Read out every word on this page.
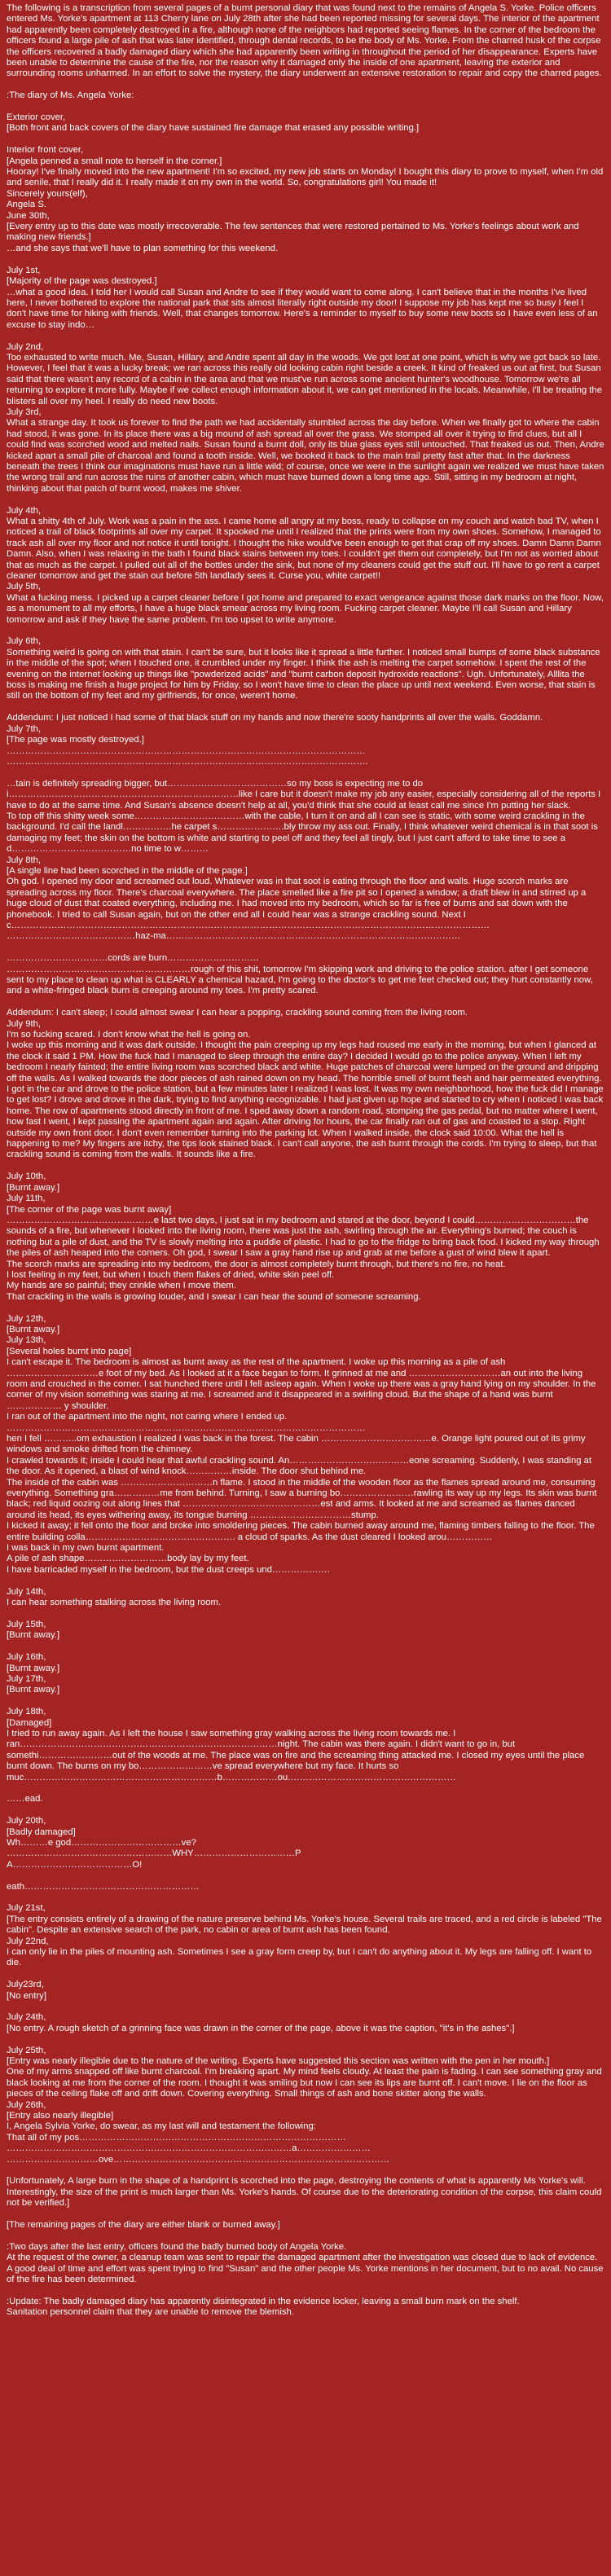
The following is a transcription from several pages of a burnt personal diary that was found next to the remains of Angela S. Yorke. Police officers entered Ms. Yorke's apartment at 113 Cherry lane on July 28th after she had been reported missing for several days. The interior of the apartment had apparently been completely destroyed in a fire, although none of the neighbors had reported seeing flames. In the corner of the bedroom the officers found a large pile of ash that was later identified, through dental records, to be the body of Ms. Yorke. From the charred husk of the corpse the officers recovered a badly damaged diary which she had apparently been writing in throughout the period of her disappearance. Experts have been unable to determine the cause of the fire, nor the reason why it damaged only the inside of one apartment, leaving the exterior and surrounding rooms unharmed. In an effort to solve the mystery, the diary underwent an extensive restoration to repair and copy the charred pages.
:The diary of Ms. Angela Yorke:
Exterior cover,
[Both front and back covers of the diary have sustained fire damage that erased any possible writing.]
Interior front cover,
[Angela penned a small note to herself in the corner.]
Hooray! I've finally moved into the new apartment! I'm so excited, my new job starts on Monday! I bought this diary to prove to myself, when I'm old and senile, that I really did it. I really made it on my own in the world. So, congratulations girl! You made it!
Sincerely yours(elf),
Angela S.
June 30th,
[Every entry up to this date was mostly irrecoverable. The few sentences that were restored pertained to Ms. Yorke's feelings about work and making new friends.]
…and she says that we'll have to plan something for this weekend.
July 1st,
[Majority of the page was destroyed.]
…what a good idea. I told her I would call Susan and Andre to see if they would want to come along. I can't believe that in the months I've lived here, I never bothered to explore the national park that sits almost literally right outside my door! I suppose my job has kept me so busy I feel I don't have time for hiking with friends. Well, that changes tomorrow. Here's a reminder to myself to buy some new boots so I have even less of an excuse to stay indo…
July 2nd,
Too exhausted to write much. Me, Susan, Hillary, and Andre spent all day in the woods. We got lost at one point, which is why we got back so late. However, I feel that it was a lucky break; we ran across this really old looking cabin right beside a creek. It kind of freaked us out at first, but Susan said that there wasn't any record of a cabin in the area and that we must've run across some ancient hunter's woodhouse. Tomorrow we're all returning to explore it more fully. Maybe if we collect enough information about it, we can get mentioned in the locals. Meanwhile, I'll be treating the blisters all over my heel. I really do need new boots.
July 3rd,
What a strange day. It took us forever to find the path we had accidentally stumbled across the day before. When we finally got to where the cabin had stood, it was gone. In its place there was a big mound of ash spread all over the grass. We stomped all over it trying to find clues, but all I could find was scorched wood and melted nails. Susan found a burnt doll, only its blue glass eyes still untouched. That freaked us out. Then, Andre kicked apart a small pile of charcoal and found a tooth inside. Well, we booked it back to the main trail pretty fast after that. In the darkness beneath the trees I think our imaginations must have run a little wild; of course, once we were in the sunlight again we realized we must have taken the wrong trail and run across the ruins of another cabin, which must have burned down a long time ago. Still, sitting in my bedroom at night, thinking about that patch of burnt wood, makes me shiver.
July 4th,
What a shitty 4th of July. Work was a pain in the ass. I came home all angry at my boss, ready to collapse on my couch and watch bad TV, when I noticed a trail of black footprints all over my carpet. It spooked me until I realized that the prints were from my own shoes. Somehow, I managed to track ash all over my floor and not notice it until tonight. I thought the hike would've been enough to get that crap off my shoes. Damn Damn Damn Damn. Also, when I was relaxing in the bath I found black stains between my toes. I couldn't get them out completely, but I'm not as worried about that as much as the carpet. I pulled out all of the bottles under the sink, but none of my cleaners could get the stuff out. I'll have to go rent a carpet cleaner tomorrow and get the stain out before 5th landlady sees it. Curse you, white carpet!!
July 5th,
What a fucking mess. I picked up a carpet cleaner before I got home and prepared to exact vengeance against those dark marks on the floor. Now, as a monument to all my efforts, I have a huge black smear across my living room. Fucking carpet cleaner. Maybe I'll call Susan and Hillary tomorrow and ask if they have the same problem. I'm too upset to write anymore.
July 6th,
Something weird is going on with that stain. I can't be sure, but it looks like it spread a little further. I noticed small bumps of some black substance in the middle of the spot; when I touched one, it crumbled under my finger. I think the ash is melting the carpet somehow. I spent the rest of the evening on the internet looking up things like "powderized acids" and "burnt carbon deposit hydroxide reactions". Ugh. Unfortunately, Alllita the boss is making me finish a huge project for him by Friday, so I won't have time to clean the place up until next weekend. Even worse, that stain is still on the bottom of my feet and my girlfriends, for once, weren't home.
Addendum: I just noticed I had some of that black stuff on my hands and now there're sooty handprints all over the walls. Goddamn.
July 7th,
[The page was mostly destroyed.]
………………………………………………………………………………………………………
……………………………………………………………………………………………………….
…tain is definitely spreading bigger, but…………………………………so my boss is expecting me to do
i…………………………………………………………………like I care but it doesn't make my job any easier, especially considering all of the reports I have to do at the same time. And Susan's absence doesn't help at all, you'd think that she could at least call me since I'm putting her slack.
To top off this shitty week some………………………………with the cable, I turn it on and all I can see is static, with some weird crackling in the background. I'd call the landl…………….he carpet s………………….bly throw my ass out. Finally, I think whatever weird chemical is in that soot is damaging my feet; the skin on the bottom is white and starting to peel off and they feel all tingly, but I just can't afford to take time to see a d…………………………………no time to w………
July 8th,
[A single line had been scorched in the middle of the page.]
Oh god. I opened my door and screamed out loud. Whatever was in that soot is eating through the floor and walls. Huge scorch marks are spreading across my floor. There's charcoal everywhere. The place smelled like a fire pit so I opened a window; a draft blew in and stirred up a huge cloud of dust that coated everything, including me. I had moved into my bedroom, which so far is free of burns and sat down with the phonebook. I tried to call Susan again, but on the other end all I could hear was a strange crackling sound. Next I c…………………………………………………………………………………………………………………………………………
……………………………………haz-ma……………………………………………………………………………………
……………………………cords are burn…………………………
……………………………………………………rough of this shit, tomorrow I'm skipping work and driving to the police station. after I get someone sent to my place to clean up what is CLEARLY a chemical hazard, I'm going to the doctor's to get me feet checked out; they hurt constantly now, and a white-fringed black burn is creeping around my toes. I'm pretty scared.
Addendum: I can't sleep; I could almost swear I can hear a popping, crackling sound coming from the living room.
July 9th,
I'm so fucking scared. I don't know what the hell is going on.
I woke up this morning and it was dark outside. I thought the pain creeping up my legs had roused me early in the morning, but when I glanced at the clock it said 1 PM. How the fuck had I managed to sleep through the entire day? I decided I would go to the police anyway. When I left my bedroom I nearly fainted; the entire living room was scorched black and white. Huge patches of charcoal were lumped on the ground and dripping off the walls. As I walked towards the door pieces of ash rained down on my head. The horrible smell of burnt flesh and hair permeated everything.
I got in the car and drove to the police station, but a few minutes later I realized I was lost. It was my own neighborhood, how the fuck did I manage to get lost? I drove and drove in the dark, trying to find anything recognizable. I had just given up hope and started to cry when I noticed I was back home. The row of apartments stood directly in front of me. I sped away down a random road, stomping the gas pedal, but no matter where I went, how fast I went, I kept passing the apartment again and again. After driving for hours, the car finally ran out of gas and coasted to a stop. Right outside my own front door. I don't even remember turning into the parking lot. When I walked inside, the clock said 10:00. What the hell is happening to me? My fingers are itchy, the tips look stained black. I can't call anyone, the ash burnt through the cords. I'm trying to sleep, but that crackling sound is coming from the walls. It sounds like a fire.
July 10th,
[Burnt away.]
July 11th,
[The corner of the page was burnt away]
…………………………………………e last two days, I just sat in my bedroom and stared at the door, beyond I could……………………………the sounds of a fire, but whenever I looked into the living room, there was just the ash, swirling through the air. Everything's burned; the couch is nothing but a pile of dust, and the TV is slowly melting into a puddle of plastic. I had to go to the fridge to bring back food. I kicked my way through the piles of ash heaped into the corners. Oh god, I swear I saw a gray hand rise up and grab at me before a gust of wind blew it apart.
The scorch marks are spreading into my bedroom, the door is almost completely burnt through, but there's no fire, no heat.
I lost feeling in my feet, but when I touch them flakes of dried, white skin peel off.
My hands are so painful; they crinkle when I move them.
That crackling in the walls is growing louder, and I swear I can hear the sound of someone screaming.
July 12th,
[Burnt away.]
July 13th,
[Several holes burnt into page]
I can't escape it. The bedroom is almost as burnt away as the rest of the apartment. I woke up this morning as a pile of ash
…………………………e foot of my bed. As I looked at it a face began to form. It grinned at me and …………………………an out into the living room and crouched in the corner. I sat hunched there until I fell asleep again. When I woke up there was a gray hand lying on my shoulder. In the corner of my vision something was staring at me. I screamed and it disappeared in a swirling cloud. But the shape of a hand was burnt ……………… y shoulder.
I ran out of the apartment into the night, not caring where I ended up.
………………………………………………………………………………………………………
hen I fell ………..om exhaustion I realized I was back in the forest. The cabin ………………………………e. Orange light poured out of its grimy windows and smoke drifted from the chimney.
I crawled towards it; inside I could hear that awful crackling sound. An…………………………………eone screaming. Suddenly, I was standing at the door. As it opened, a blast of wind knock……………inside. The door shut behind me.
The inside of the cabin was …………………………n flame. I stood in the middle of the wooden floor as the flames spread around me, consuming everything. Something gra……………me from behind. Turning, I saw a burning bo……………………rawling its way up my legs. Its skin was burnt black; red liquid oozing out along lines that ………………………………………est and arms. It looked at me and screamed as flames danced around its head, its eyes withering away, its tongue burning ……………………………stump.
I kicked it away; it fell onto the floor and broke into smoldering pieces. The cabin burned away around me, flaming timbers falling to the floor. The entire building colla…………………………………………. a cloud of sparks. As the dust cleared I looked arou……………
I was back in my own burnt apartment.
A pile of ash shape………………………body lay by my feet.
I have barricaded myself in the bedroom, but the dust creeps und……………….
July 14th,
I can hear something stalking across the living room.
July 15th,
[Burnt away.]
July 16th,
[Burnt away.]
July 17th,
[Burnt away.]
July 18th,
[Damaged]
I tried to run away again. As I left the house I saw something gray walking across the living room towards me. I
ran…………………………………………………………………………night. The cabin was there again. I didn't want to go in, but
somethi……………………out of the woods at me. The place was on fire and the screaming thing attacked me. I closed my eyes until the place burnt down. The burns on my bo……………………ve spread everywhere but my face. It hurts so
muc………………………………………………………b………………ou.………………………………………………
……ead.
July 20th,
[Badly damaged]
Wh………e god………………………………ve?
………………………………………………WHY……………………………P
A…………………………………O!
eath…………………………………………………
July 21st,
[The entry consists entirely of a drawing of the nature preserve behind Ms. Yorke's house. Several trails are traced, and a red circle is labeled "The cabin". Despite an extensive search of the park, no cabin or area of burnt ash has been found.
July 22nd,
I can only lie in the piles of mounting ash. Sometimes I see a gray form creep by, but I can't do anything about it. My legs are falling off. I want to die.
July23rd,
[No entry]
July 24th,
[No entry. A rough sketch of a grinning face was drawn in the corner of the page, above it was the caption, "it's in the ashes".]
July 25th,
[Entry was nearly illegible due to the nature of the writing. Experts have suggested this section was written with the pen in her mouth.]
One of my arms snapped off like burnt charcoal. I'm breaking apart. My mind feels cloudy. At least the pain is fading. I can see something gray and black looking at me from the corner of the room. I thought it was smiling but now I can see its lips are burnt off. I can't move. I lie on the floor as pieces of the ceiling flake off and drift down. Covering everything. Small things of ash and bone skitter along the walls.
July 26th,
[Entry also nearly illegible]
I, Angela Sylvia Yorke, do swear, as my last will and testament the following:
That all of my pos……………………………………………………………………………
…………………………………………………………………………………a……………………
…………………………ove………………………………………………………………………………
[Unfortunately, A large burn in the shape of a handprint is scorched into the page, destroying the contents of what is apparently Ms Yorke's will. Interestingly, the size of the print is much larger than Ms. Yorke's hands. Of course due to the deteriorating condition of the corpse, this claim could not be verified.]
[The remaining pages of the diary are either blank or burned away.]
:Two days after the last entry, officers found the badly burned body of Angela Yorke.
At the request of the owner, a cleanup team was sent to repair the damaged apartment after the investigation was closed due to lack of evidence. A good deal of time and effort was spent trying to find "Susan" and the other people Ms. Yorke mentions in her document, but to no avail. No cause of the fire has been determined.
:Update: The badly damaged diary has apparently disintegrated in the evidence locker, leaving a small burn mark on the shelf.
Sanitation personnel claim that they are unable to remove the blemish.
